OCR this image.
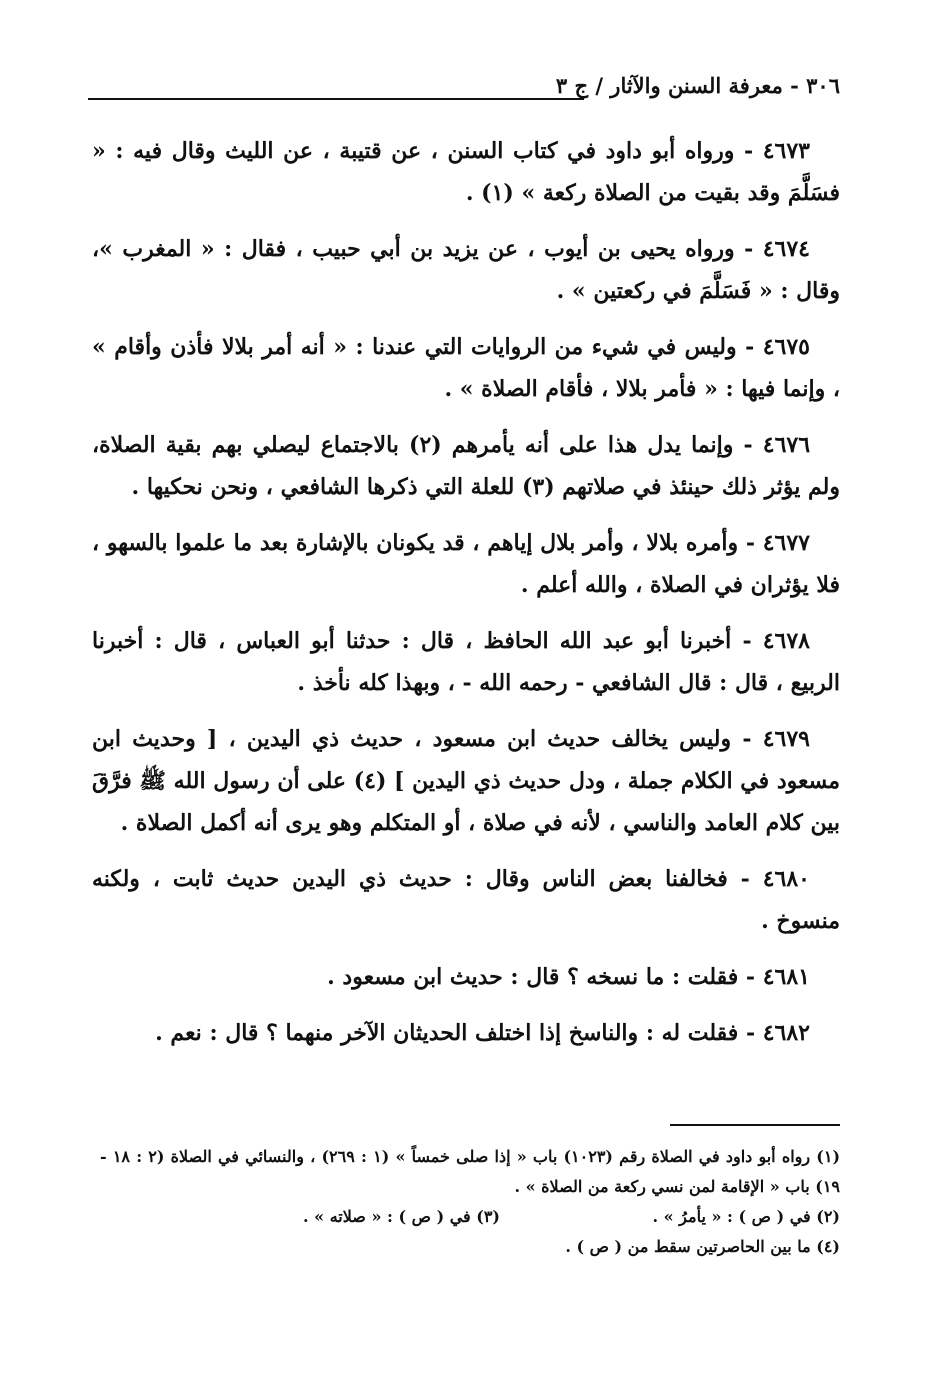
٣٠٦ - معرفة السنن والآثار / ج ٣

٤٦٧٣ - ورواه أبو داود في كتاب السنن ، عن قتيبة ، عن الليث وقال فيه : « فسَلَّمَ وقد بقيت من الصلاة ركعة » (١) .

٤٦٧٤ - ورواه يحيى بن أيوب ، عن يزيد بن أبي حبيب ، فقال : « المغرب »، وقال : « فَسَلَّمَ في ركعتين » .

٤٦٧٥ - وليس في شيء من الروايات التي عندنا : « أنه أمر بلالا فأذن وأقام » ، وإنما فيها : « فأمر بلالا ، فأقام الصلاة » .

٤٦٧٦ - وإنما يدل هذا على أنه يأمرهم (٢) بالاجتماع ليصلي بهم بقية الصلاة، ولم يؤثر ذلك حينئذ في صلاتهم (٣) للعلة التي ذكرها الشافعي ، ونحن نحكيها .

٤٦٧٧ - وأمره بلالا ، وأمر بلال إياهم ، قد يكونان بالإشارة بعد ما علموا بالسهو ، فلا يؤثران في الصلاة ، والله أعلم .

٤٦٧٨ - أخبرنا أبو عبد الله الحافظ ، قال : حدثنا أبو العباس ، قال : أخبرنا الربيع ، قال : قال الشافعي - رحمه الله - ، وبهذا كله نأخذ .

٤٦٧٩ - وليس يخالف حديث ابن مسعود ، حديث ذي اليدين ، [ وحديث ابن مسعود في الكلام جملة ، ودل حديث ذي اليدين ] (٤) على أن رسول الله ﷺ فرَّقَ بين كلام العامد والناسي ، لأنه في صلاة ، أو المتكلم وهو يرى أنه أكمل الصلاة .

٤٦٨٠ - فخالفنا بعض الناس وقال : حديث ذي اليدين حديث ثابت ، ولكنه منسوخ .

٤٦٨١ - فقلت : ما نسخه ؟ قال : حديث ابن مسعود .

٤٦٨٢ - فقلت له : والناسخ إذا اختلف الحديثان الآخر منهما ؟ قال : نعم .

(١) رواه أبو داود في الصلاة رقم (١٠٢٣) باب « إذا صلى خمساً » (١ : ٢٦٩) ، والنسائي في الصلاة (٢ : ١٨ - ١٩) باب « الإقامة لمن نسي ركعة من الصلاة » .
(٢) في ( ص ) : « يأمرُ » .
(٣) في ( ص ) : « صلاته » .
(٤) ما بين الحاصرتين سقط من ( ص ) .
